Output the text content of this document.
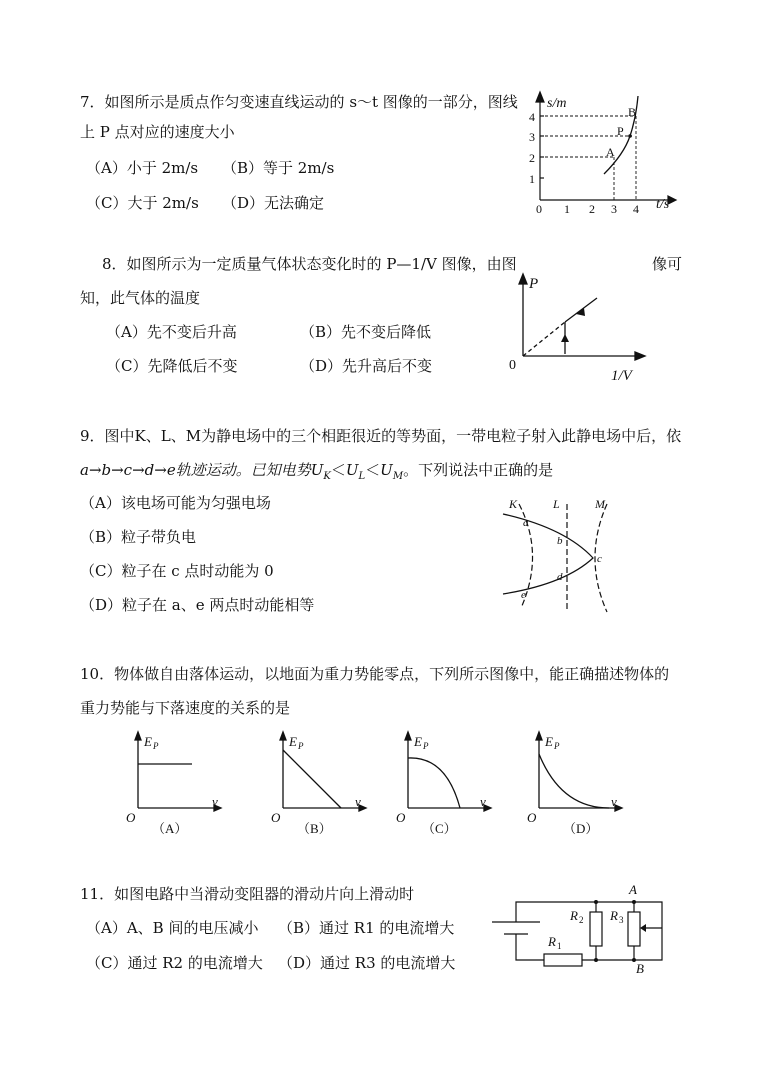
7．如图所示是质点作匀变速直线运动的 s～t 图像的一部分，图线
上 P 点对应的速度大小
（A）小于 2m/s （B）等于 2m/s
（C）大于 2m/s （D）无法确定
s/m
t/s
4
3
2
1
0 1 2 3 4
A
P
B
8．如图所示为一定质量气体状态变化时的 P—1/V 图像，由图	像可
知，此气体的温度
（A）先不变后升高	（B）先不变后降低
（C）先降低后不变	（D）先升高后不变
P
0
1/V
9．图中K、L、M为静电场中的三个相距很近的等势面，一带电粒子射入此静电场中后，依
a→b→c→d→e轨迹运动。已知电势$U_K<U_L<U_M$。下列说法中正确的是
（A）该电场可能为匀强电场
（B）粒子带负电
（C）粒子在 c 点时动能为 0
（D）粒子在 a、e 两点时动能相等
K	L	M
a
b
c
d
e
10．物体做自由落体运动，以地面为重力势能零点，下列所示图像中，能正确描述物体的
重力势能与下落速度的关系的是
E P
v
O
（A）
E P
v
O
（B）
E P
v
O
（C）
E P
v
O
（D）
11．如图电路中当滑动变阻器的滑动片向上滑动时
（A）A、B 间的电压减小 （B）通过 R1 的电流增大
（C）通过 R2 的电流增大 （D）通过 R3 的电流增大
A
B
R 2 R 3
R 1
